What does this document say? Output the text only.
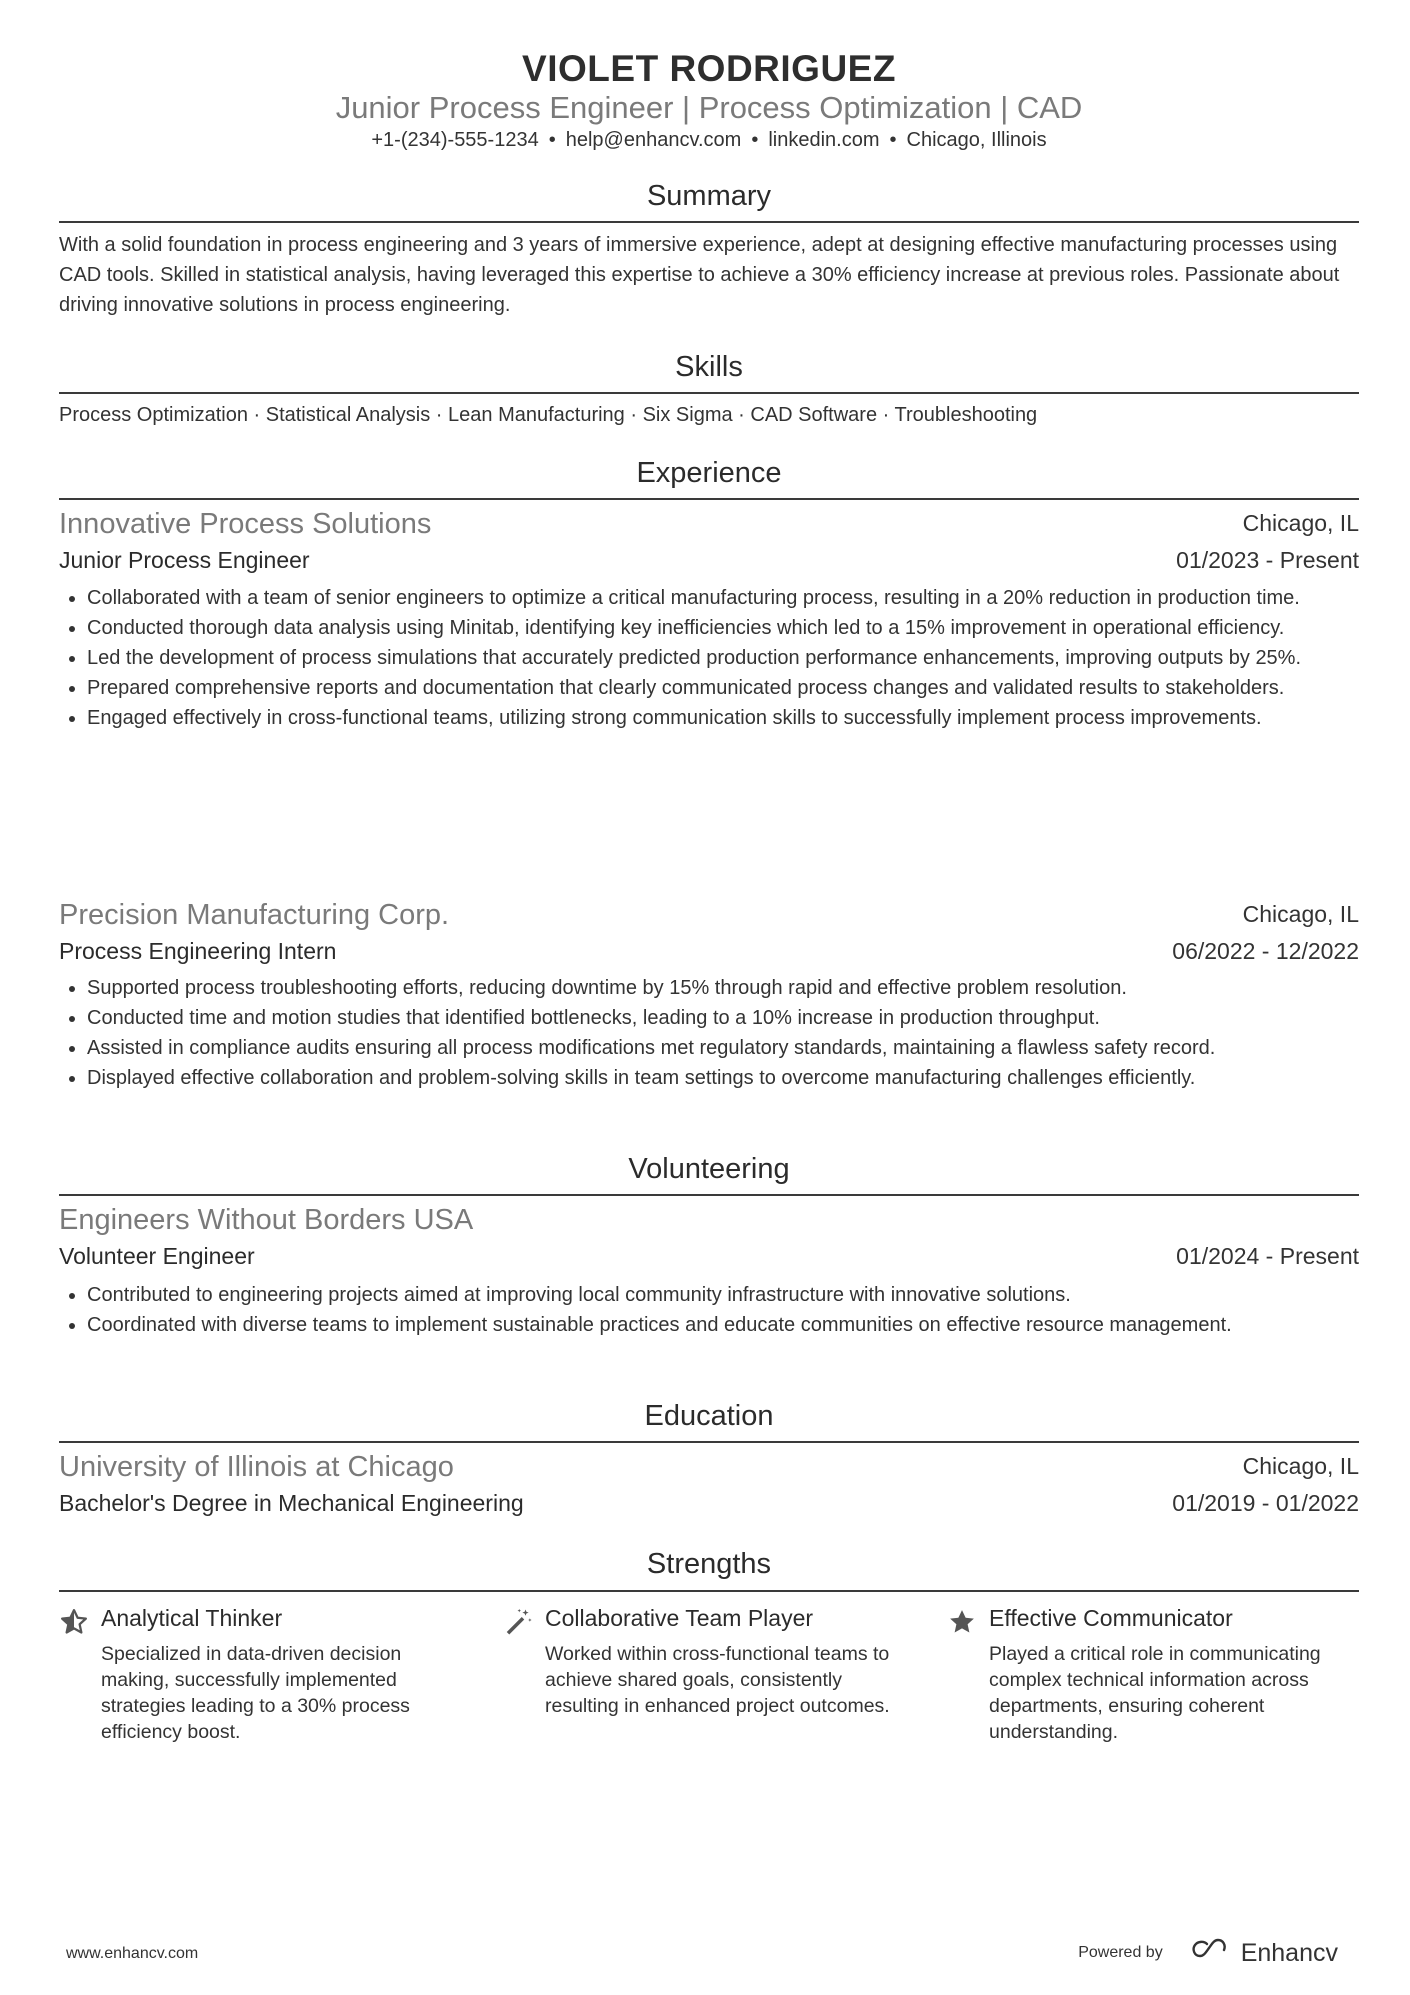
VIOLET RODRIGUEZ
Junior Process Engineer | Process Optimization | CAD
+1-(234)-555-1234 • help@enhancv.com • linkedin.com • Chicago, Illinois
Summary
With a solid foundation in process engineering and 3 years of immersive experience, adept at designing effective manufacturing processes using CAD tools. Skilled in statistical analysis, having leveraged this expertise to achieve a 30% efficiency increase at previous roles. Passionate about driving innovative solutions in process engineering.
Skills
Process Optimization · Statistical Analysis · Lean Manufacturing · Six Sigma · CAD Software · Troubleshooting
Experience
Innovative Process Solutions	Chicago, IL
Junior Process Engineer	01/2023 - Present
Collaborated with a team of senior engineers to optimize a critical manufacturing process, resulting in a 20% reduction in production time.
Conducted thorough data analysis using Minitab, identifying key inefficiencies which led to a 15% improvement in operational efficiency.
Led the development of process simulations that accurately predicted production performance enhancements, improving outputs by 25%.
Prepared comprehensive reports and documentation that clearly communicated process changes and validated results to stakeholders.
Engaged effectively in cross-functional teams, utilizing strong communication skills to successfully implement process improvements.
Precision Manufacturing Corp.	Chicago, IL
Process Engineering Intern	06/2022 - 12/2022
Supported process troubleshooting efforts, reducing downtime by 15% through rapid and effective problem resolution.
Conducted time and motion studies that identified bottlenecks, leading to a 10% increase in production throughput.
Assisted in compliance audits ensuring all process modifications met regulatory standards, maintaining a flawless safety record.
Displayed effective collaboration and problem-solving skills in team settings to overcome manufacturing challenges efficiently.
Volunteering
Engineers Without Borders USA
Volunteer Engineer	01/2024 - Present
Contributed to engineering projects aimed at improving local community infrastructure with innovative solutions.
Coordinated with diverse teams to implement sustainable practices and educate communities on effective resource management.
Education
University of Illinois at Chicago	Chicago, IL
Bachelor's Degree in Mechanical Engineering	01/2019 - 01/2022
Strengths
Analytical Thinker
Specialized in data-driven decision making, successfully implemented strategies leading to a 30% process efficiency boost.
Collaborative Team Player
Worked within cross-functional teams to achieve shared goals, consistently resulting in enhanced project outcomes.
Effective Communicator
Played a critical role in communicating complex technical information across departments, ensuring coherent understanding.
www.enhancv.com	Powered by	Enhancv
